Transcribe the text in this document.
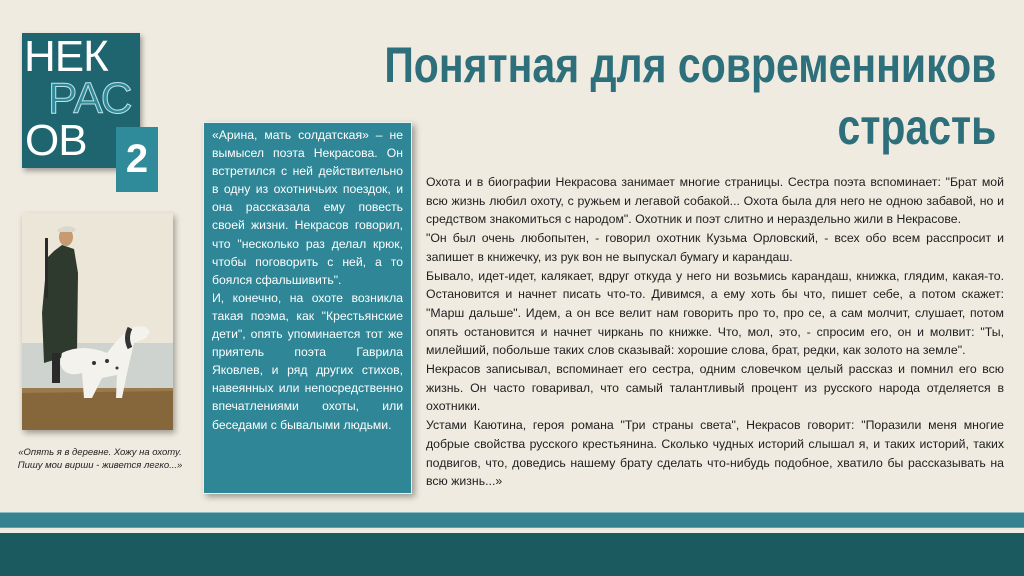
НЕК
РАС
ОВ 2
«Опять я в деревне. Хожу на охоту. Пишу мои вирши - живется легко...»
Понятная для современников
страсть

«Арина, мать солдатская» – не вымысел поэта Некрасова. Он встретился с ней действительно в одну из охотничьих поездок, и она рассказала ему повесть своей жизни. Некрасов говорил, что "несколько раз делал крюк, чтобы поговорить с ней, а то боялся сфальшивить".

И, конечно, на охоте возникла такая поэма, как "Крестьянские дети", опять упоминается тот же приятель поэта Гаврила Яковлев, и ряд других стихов, навеянных или непосредственно впечатлениями охоты, или беседами с бывалыми людьми.

Охота и в биографии Некрасова занимает многие страницы. Сестра поэта вспоминает: "Брат мой всю жизнь любил охоту, с ружьем и легавой собакой... Охота была для него не одною забавой, но и средством знакомиться с народом". Охотник и поэт слитно и нераздельно жили в Некрасове.

"Он был очень любопытен, - говорил охотник Кузьма Орловский, - всех обо всем расспросит и запишет в книжечку, из рук вон не выпускал бумагу и карандаш.

Бывало, идет-идет, калякает, вдруг откуда у него ни возьмись карандаш, книжка, глядим, какая-то. Остановится и начнет писать что-то. Дивимся, а ему хоть бы что, пишет себе, а потом скажет: "Марш дальше". Идем, а он все велит нам говорить про то, про се, а сам молчит, слушает, потом опять остановится и начнет чиркань по книжке. Что, мол, это, - спросим его, он и молвит: "Ты, милейший, побольше таких слов сказывай: хорошие слова, брат, редки, как золото на земле".

Некрасов записывал, вспоминает его сестра, одним словечком целый рассказ и помнил его всю жизнь. Он часто говаривал, что самый талантливый процент из русского народа отделяется в охотники.

Устами Каютина, героя романа "Три страны света", Некрасов говорит: "Поразили меня многие добрые свойства русского крестьянина. Сколько чудных историй слышал я, и таких историй, таких подвигов, что, доведись нашему брату сделать что-нибудь подобное, хватило бы рассказывать на всю жизнь...»
